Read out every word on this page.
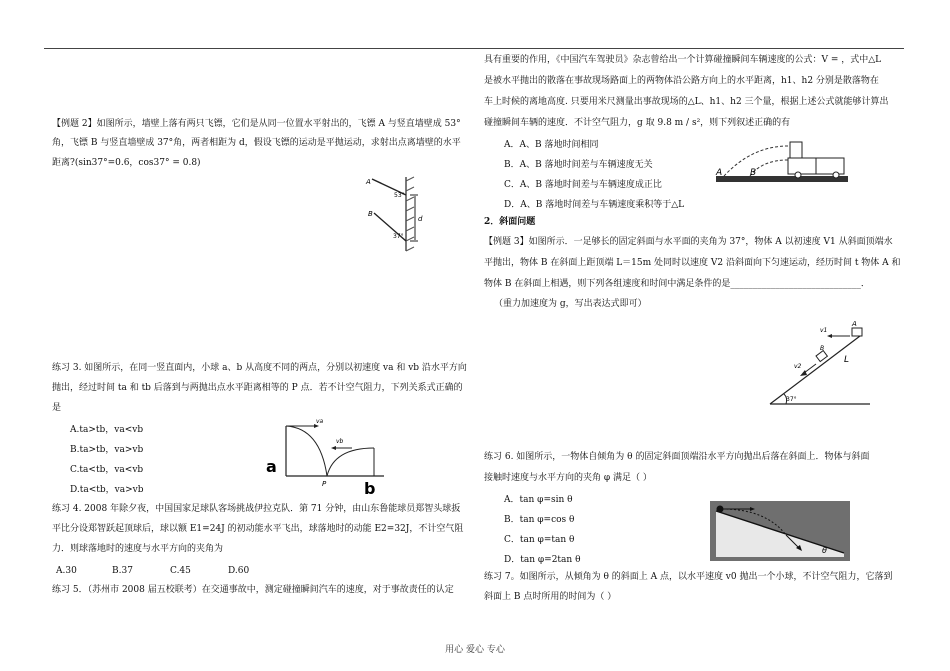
【例题 2】如图所示，墙壁上落有两只飞镖，它们是从同一位置水平射出的，飞镖 A 与竖直墙壁成 53°
角，飞镖 B 与竖直墙壁成 37°角，两者相距为 d，假设飞镖的运动是平抛运动，求射出点离墙壁的水平
距离?(sin37°=0.6，cos37° = 0.8)
A
B
53°
37°
d
练习 3. 如图所示，在同一竖直面内，小球 a、b 从高度不同的两点，分别以初速度 va 和 vb 沿水平方向
抛出，经过时间 ta 和 tb 后落到与两抛出点水平距离相等的 P 点．若不计空气阻力，下列关系式正确的
是
A.ta>tb，va<vb
B.ta>tb，va>vb
C.ta<tb，va<vb
D.ta<tb，va>vb
va
vb
a
b
P
练习 4. 2008 年除夕夜，中国国家足球队客场挑战伊拉克队．第 71 分钟，由山东鲁能球员郑智头球扳
平比分设郑智跃起顶球后，球以额 E1=24J 的初动能水平飞出，球落地时的动能 E2=32J，不计空气阻
力．则球落地时的速度与水平方向的夹角为
A.30	B.37	C.45	D.60
练习 5．（苏州市 2008 届五校联考）在交通事故中，测定碰撞瞬间汽车的速度，对于事故责任的认定
具有重要的作用，《中国汽车驾驶员》杂志曾给出一个计算碰撞瞬间车辆速度的公式：V = ，式中△L
是被水平抛出的散落在事故现场路面上的两物体沿公路方向上的水平距离，h1、h2 分别是散落物在
车上时候的离地高度. 只要用米尺测量出事故现场的△L、h1、h2 三个量，根据上述公式就能够计算出
碰撞瞬间车辆的速度．不计空气阻力，g 取 9.8 m / s²，则下列叙述正确的有
A．A、B 落地时间相同
B．A、B 落地时间差与车辆速度无关
C．A、B 落地时间差与车辆速度成正比
D．A、B 落地时间差与车辆速度乘积等于△L
A	B
2．斜面问题
【例题 3】如图所示．一足够长的固定斜面与水平面的夹角为 37°，物体 A 以初速度 V1 从斜面顶端水
平抛出，物体 B 在斜面上距顶端 L＝15m 处同时以速度 V2 沿斜面向下匀速运动，经历时间 t 物体 A 和
物体 B 在斜面上相遇，则下列各组速度和时间中满足条件的是_____________________________．
（重力加速度为 g，写出表达式即可）
v1
A
B
v2
L
37°
练习 6. 如图所示，一物体自倾角为 θ 的固定斜面顶端沿水平方向抛出后落在斜面上．物体与斜面
接触时速度与水平方向的夹角 φ 满足（ ）
A．tan φ=sin θ
B．tan φ=cos θ
C．tan φ=tan θ
D．tan φ=2tan θ
θ
练习 7。如图所示，从倾角为 θ 的斜面上 A 点，以水平速度 v0 抛出一个小球，不计空气阻力，它落到
斜面上 B 点时所用的时间为（ ）
用心 爱心 专心
